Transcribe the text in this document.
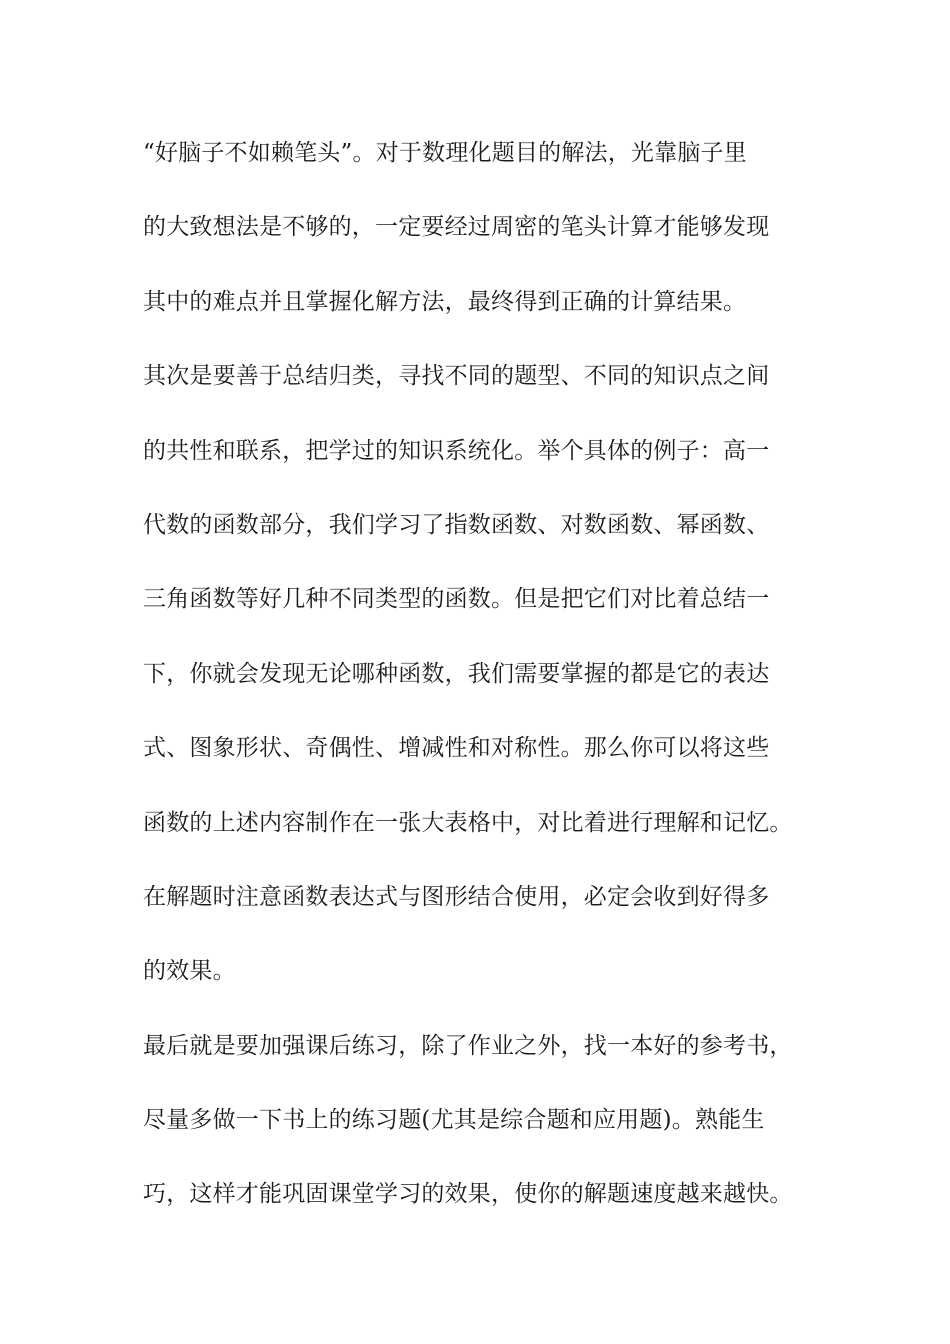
“好脑子不如赖笔头”。对于数理化题目的解法，光靠脑子里
的大致想法是不够的，一定要经过周密的笔头计算才能够发现
其中的难点并且掌握化解方法，最终得到正确的计算结果。
其次是要善于总结归类，寻找不同的题型、不同的知识点之间
的共性和联系，把学过的知识系统化。举个具体的例子：高一
代数的函数部分，我们学习了指数函数、对数函数、幂函数、
三角函数等好几种不同类型的函数。但是把它们对比着总结一
下，你就会发现无论哪种函数，我们需要掌握的都是它的表达
式、图象形状、奇偶性、增减性和对称性。那么你可以将这些
函数的上述内容制作在一张大表格中，对比着进行理解和记忆。
在解题时注意函数表达式与图形结合使用，必定会收到好得多
的效果。
最后就是要加强课后练习，除了作业之外，找一本好的参考书，
尽量多做一下书上的练习题(尤其是综合题和应用题)。熟能生
巧，这样才能巩固课堂学习的效果，使你的解题速度越来越快。
